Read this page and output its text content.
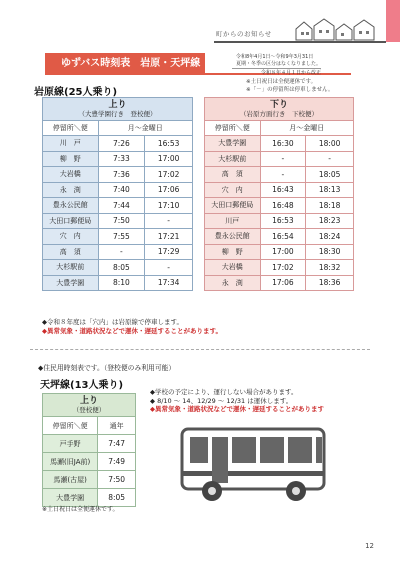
町からのお知らせ
ゆずバス時刻表　岩原・天坪線
令和8年4月1日～令和9年3月31日
夏期・冬季の区分はなくなりました。
令和８年４月１日から改正
※土日祝日は全便運休です。
※「－」の停留所は停車しません。
岩原線(25人乗り)
上り		
（大豊学園行き　登校便）		
停留所＼便	月～金曜日	
川　戸	7:26	16:53
柳　野	7:33	17:00
大岩橋	7:36	17:02
永　渕	7:40	17:06
豊永公民館	7:44	17:10
大田口郵便局	7:50	-
穴　内	7:55	17:21
高　須	-	17:29
大杉駅前	8:05	-
大豊学園	8:10	17:34
下り		
（岩原方面行き　下校便）		
停留所＼便	月～金曜日	
大豊学園	16:30	18:00
大杉駅前	-	-
高　須	-	18:05
穴　内	16:43	18:13
大田口郵便局	16:48	18:18
川戸	16:53	18:23
豊永公民館	16:54	18:24
柳　野	17:00	18:30
大岩橋	17:02	18:32
永　渕	17:06	18:36
◆令和８年度は「穴内」は岩原線で停車します。
◆異常気象・道路状況などで運休・遅延することがあります。
◆住民用時刻表です。（登校便のみ利用可能）
天坪線(13人乗り)
上り	
（登校便）	
停留所＼便	通年
戸手野	7:47
馬瀬(旧JA前)	7:49
馬瀬(古屋)	7:50
大豊学園	8:05
※土日祝日は全便運休です。
◆学校の予定により、運行しない場合があります。
◆ 8/10 ～ 14、12/29 ～ 12/31 は運休します。
◆異常気象・道路状況などで運休・遅延することがあります
12
